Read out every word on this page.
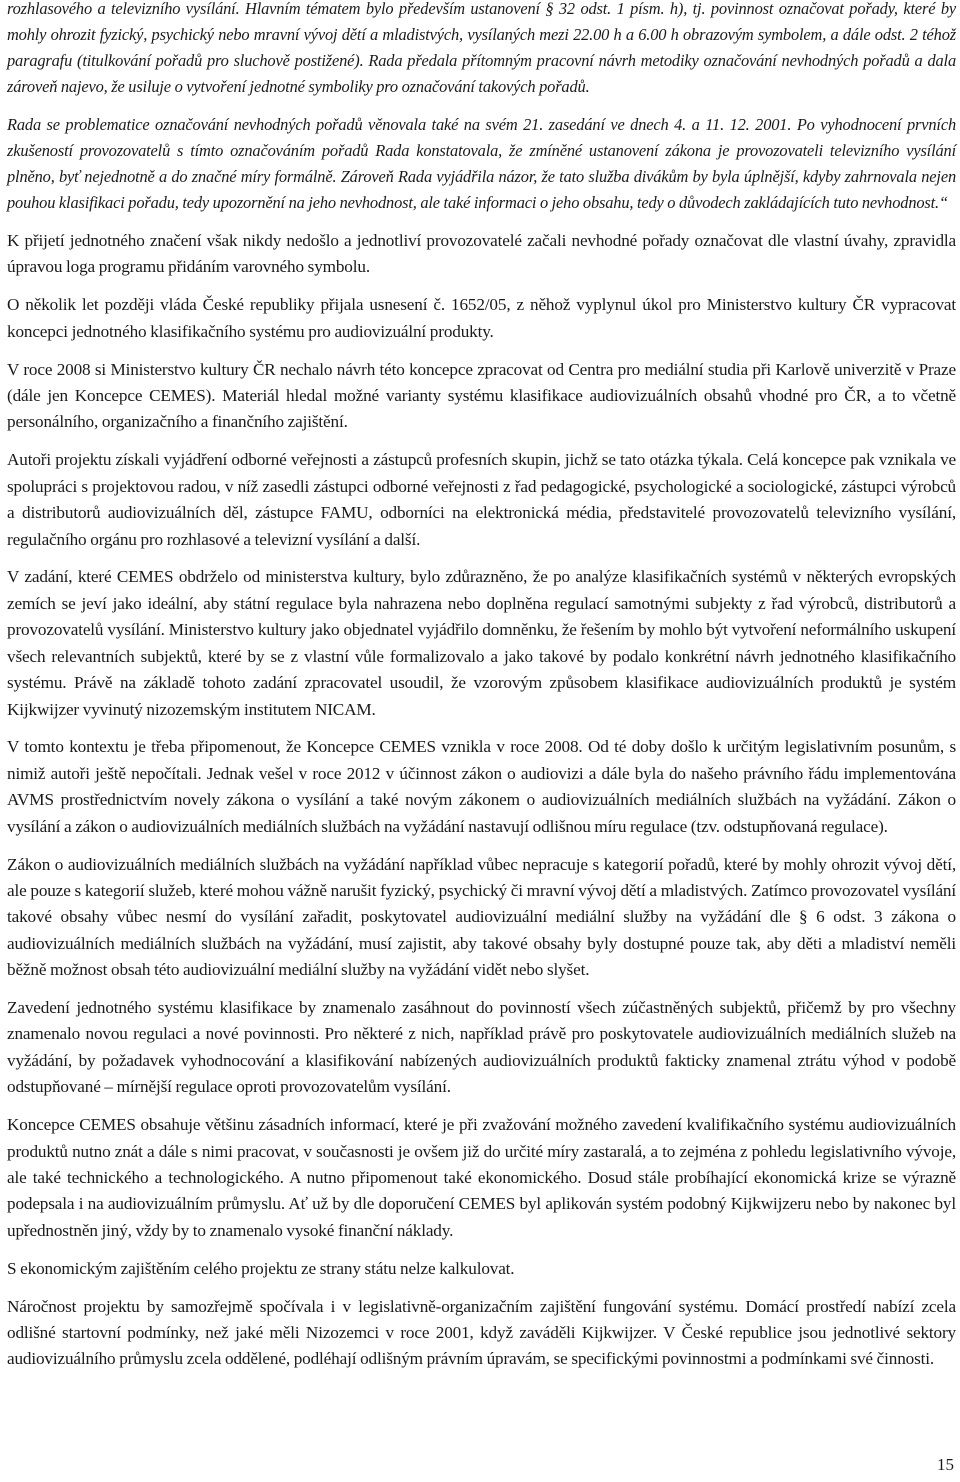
rozhlasového a televizního vysílání. Hlavním tématem bylo především ustanovení § 32 odst. 1 písm. h), tj. povinnost označovat pořady, které by mohly ohrozit fyzický, psychický nebo mravní vývoj dětí a mladistvých, vysílaných mezi 22.00 h a 6.00 h obrazovým symbolem, a dále odst. 2 téhož paragrafu (titulkování pořadů pro sluchově postižené). Rada předala přítomným pracovní návrh metodiky označování nevhodných pořadů a dala zároveň najevo, že usiluje o vytvoření jednotné symboliky pro označování takových pořadů.

Rada se problematice označování nevhodných pořadů věnovala také na svém 21. zasedání ve dnech 4. a 11. 12. 2001. Po vyhodnocení prvních zkušeností provozovatelů s tímto označováním pořadů Rada konstatovala, že zmíněné ustanovení zákona je provozovateli televizního vysílání plněno, byť nejednotně a do značné míry formálně. Zároveň Rada vyjádřila názor, že tato služba divákům by byla úplnější, kdyby zahrnovala nejen pouhou klasifikaci pořadu, tedy upozornění na jeho nevhodnost, ale také informaci o jeho obsahu, tedy o důvodech zakládajících tuto nevhodnost.“

K přijetí jednotného značení však nikdy nedošlo a jednotliví provozovatelé začali nevhodné pořady označovat dle vlastní úvahy, zpravidla úpravou loga programu přidáním varovného symbolu.

O několik let později vláda České republiky přijala usnesení č. 1652/05, z něhož vyplynul úkol pro Ministerstvo kultury ČR vypracovat koncepci jednotného klasifikačního systému pro audiovizuální produkty.

V roce 2008 si Ministerstvo kultury ČR nechalo návrh této koncepce zpracovat od Centra pro mediální studia při Karlově univerzitě v Praze (dále jen Koncepce CEMES). Materiál hledal možné varianty systému klasifikace audiovizuálních obsahů vhodné pro ČR, a to včetně personálního, organizačního a finančního zajištění.

Autoři projektu získali vyjádření odborné veřejnosti a zástupců profesních skupin, jichž se tato otázka týkala. Celá koncepce pak vznikala ve spolupráci s projektovou radou, v níž zasedli zástupci odborné veřejnosti z řad pedagogické, psychologické a sociologické, zástupci výrobců a distributorů audiovizuálních děl, zástupce FAMU, odborníci na elektronická média, představitelé provozovatelů televizního vysílání, regulačního orgánu pro rozhlasové a televizní vysílání a další.

V zadání, které CEMES obdrželo od ministerstva kultury, bylo zdůrazněno, že po analýze klasifikačních systémů v některých evropských zemích se jeví jako ideální, aby státní regulace byla nahrazena nebo doplněna regulací samotnými subjekty z řad výrobců, distributorů a provozovatelů vysílání. Ministerstvo kultury jako objednatel vyjádřilo domněnku, že řešením by mohlo být vytvoření neformálního uskupení všech relevantních subjektů, které by se z vlastní vůle formalizovalo a jako takové by podalo konkrétní návrh jednotného klasifikačního systému. Právě na základě tohoto zadání zpracovatel usoudil, že vzorovým způsobem klasifikace audiovizuálních produktů je systém Kijkwijzer vyvinutý nizozemským institutem NICAM.

V tomto kontextu je třeba připomenout, že Koncepce CEMES vznikla v roce 2008. Od té doby došlo k určitým legislativním posunům, s nimiž autoři ještě nepočítali. Jednak vešel v roce 2012 v účinnost zákon o audiovizi a dále byla do našeho právního řádu implementována AVMS prostřednictvím novely zákona o vysílání a také novým zákonem o audiovizuálních mediálních službách na vyžádání. Zákon o vysílání a zákon o audiovizuálních mediálních službách na vyžádání nastavují odlišnou míru regulace (tzv. odstupňovaná regulace).

Zákon o audiovizuálních mediálních službách na vyžádání například vůbec nepracuje s kategorií pořadů, které by mohly ohrozit vývoj dětí, ale pouze s kategorií služeb, které mohou vážně narušit fyzický, psychický či mravní vývoj dětí a mladistvých. Zatímco provozovatel vysílání takové obsahy vůbec nesmí do vysílání zařadit, poskytovatel audiovizuální mediální služby na vyžádání dle § 6 odst. 3 zákona o audiovizuálních mediálních službách na vyžádání, musí zajistit, aby takové obsahy byly dostupné pouze tak, aby děti a mladiství neměli běžně možnost obsah této audiovizuální mediální služby na vyžádání vidět nebo slyšet.

Zavedení jednotného systému klasifikace by znamenalo zasáhnout do povinností všech zúčastněných subjektů, přičemž by pro všechny znamenalo novou regulaci a nové povinnosti. Pro některé z nich, například právě pro poskytovatele audiovizuálních mediálních služeb na vyžádání, by požadavek vyhodnocování a klasifikování nabízených audiovizuálních produktů fakticky znamenal ztrátu výhod v podobě odstupňované – mírnější regulace oproti provozovatelům vysílání.

Koncepce CEMES obsahuje většinu zásadních informací, které je při zvažování možného zavedení kvalifikačního systému audiovizuálních produktů nutno znát a dále s nimi pracovat, v současnosti je ovšem již do určité míry zastaralá, a to zejména z pohledu legislativního vývoje, ale také technického a technologického. A nutno připomenout také ekonomického. Dosud stále probíhající ekonomická krize se výrazně podepsala i na audiovizuálním průmyslu. Ať už by dle doporučení CEMES byl aplikován systém podobný Kijkwijzeru nebo by nakonec byl upřednostněn jiný, vždy by to znamenalo vysoké finanční náklady.

S ekonomickým zajištěním celého projektu ze strany státu nelze kalkulovat.

Náročnost projektu by samozřejmě spočívala i v legislativně-organizačním zajištění fungování systému. Domácí prostředí nabízí zcela odlišné startovní podmínky, než jaké měli Nizozemci v roce 2001, když zaváděli Kijkwijzer. V České republice jsou jednotlivé sektory audiovizuálního průmyslu zcela oddělené, podléhají odlišným právním úpravám, se specifickými povinnostmi a podmínkami své činnosti.

15
